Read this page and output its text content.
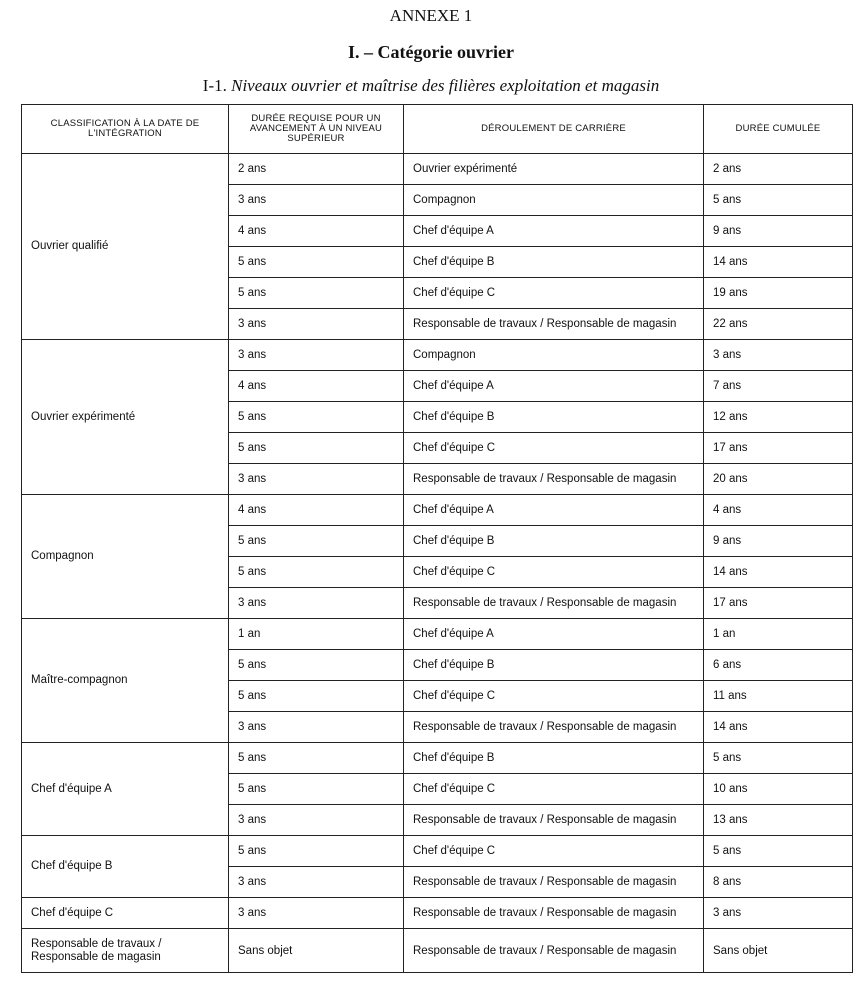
ANNEXE 1
I. – Catégorie ouvrier
I-1. Niveaux ouvrier et maîtrise des filières exploitation et magasin
CLASSIFICATION À LA DATE DE L'INTÉGRATION	DURÉE REQUISE POUR UN AVANCEMENT À UN NIVEAU SUPÉRIEUR	DÉROULEMENT DE CARRIÈRE	DURÉE CUMULÉE
Ouvrier qualifié	2 ans	Ouvrier expérimenté	2 ans
	3 ans	Compagnon	5 ans
	4 ans	Chef d'équipe A	9 ans
	5 ans	Chef d'équipe B	14 ans
	5 ans	Chef d'équipe C	19 ans
	3 ans	Responsable de travaux / Responsable de magasin	22 ans
Ouvrier expérimenté	3 ans	Compagnon	3 ans
	4 ans	Chef d'équipe A	7 ans
	5 ans	Chef d'équipe B	12 ans
	5 ans	Chef d'équipe C	17 ans
	3 ans	Responsable de travaux / Responsable de magasin	20 ans
Compagnon	4 ans	Chef d'équipe A	4 ans
	5 ans	Chef d'équipe B	9 ans
	5 ans	Chef d'équipe C	14 ans
	3 ans	Responsable de travaux / Responsable de magasin	17 ans
Maître-compagnon	1 an	Chef d'équipe A	1 an
	5 ans	Chef d'équipe B	6 ans
	5 ans	Chef d'équipe C	11 ans
	3 ans	Responsable de travaux / Responsable de magasin	14 ans
Chef d'équipe A	5 ans	Chef d'équipe B	5 ans
	5 ans	Chef d'équipe C	10 ans
	3 ans	Responsable de travaux / Responsable de magasin	13 ans
Chef d'équipe B	5 ans	Chef d'équipe C	5 ans
	3 ans	Responsable de travaux / Responsable de magasin	8 ans
Chef d'équipe C	3 ans	Responsable de travaux / Responsable de magasin	3 ans
Responsable de travaux / Responsable de magasin	Sans objet	Responsable de travaux / Responsable de magasin	Sans objet
